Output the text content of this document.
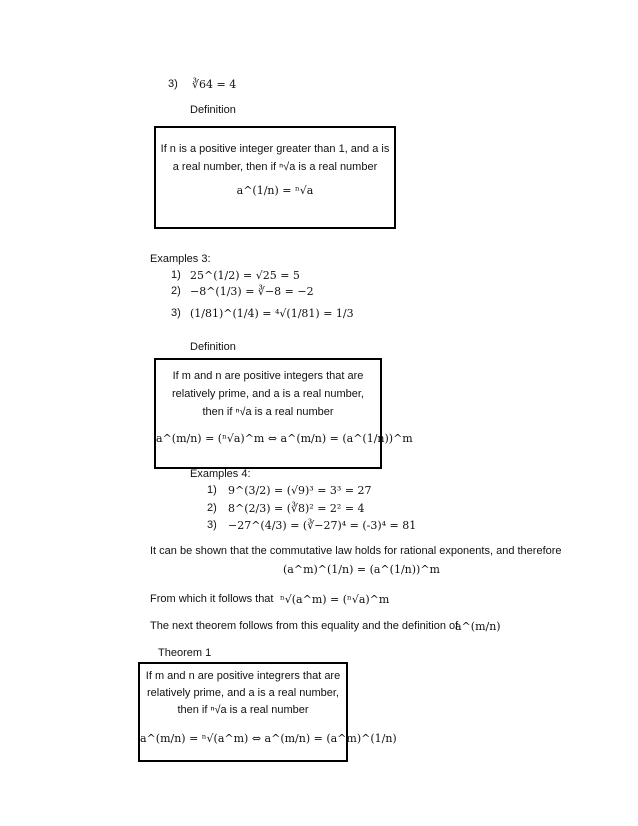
3) ∛64 = 4
Definition
If n is a positive integer greater than 1, and a is
a real number, then if ⁿ√a is a real number
a^(1/n) = ⁿ√a
Examples 3:
1) 25^(1/2) = √25 = 5
2) −8^(1/3) = ∛−8 = −2
3) (1/81)^(1/4) = ⁴√(1/81) = 1/3
Definition
If m and n are positive integers that are
relatively prime, and a is a real number,
then if ⁿ√a is a real number
a^(m/n) = (ⁿ√a)^m ⇔ a^(m/n) = (a^(1/n))^m
Examples 4:
1) 9^(3/2) = (√9)³ = 3³ = 27
2) 8^(2/3) = (∛8)² = 2² = 4
3) −27^(4/3) = (∛−27)⁴ = (-3)⁴ = 81
It can be shown that the commutative law holds for rational exponents, and therefore
(a^m)^(1/n) = (a^(1/n))^m
From which it follows that ⁿ√(a^m) = (ⁿ√a)^m
The next theorem follows from this equality and the definition of
a^(m/n)
Theorem 1
If m and n are positive integrers that are
relatively prime, and a is a real number,
then if ⁿ√a is a real number
a^(m/n) = ⁿ√(a^m) ⇔ a^(m/n) = (a^m)^(1/n)
